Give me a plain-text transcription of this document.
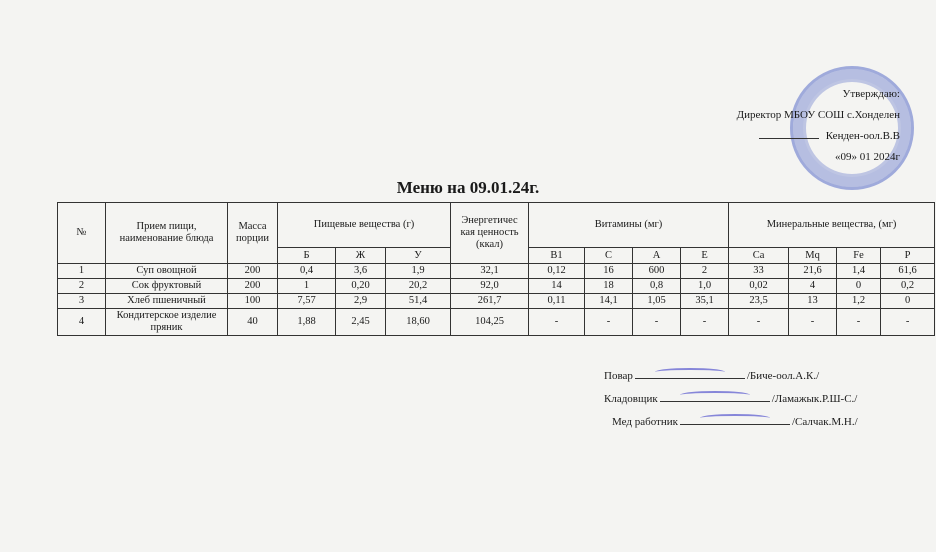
Утверждаю:
Директор МБОУ СОШ с.Хонделен
Кенден-оол.В.В
«09» 01 2024г
Меню на 09.01.24г.
№	Прием пищи, наименование блюда	Масса порции	Пищевые вещества (г)			Энергетичес кая ценность (ккал)	Витамины (мг)				Минеральные вещества, (мг)			
			Б	Ж	У		B1	C	A	E	Ca	Mq	Fe	P
1	Суп овощной	200	0,4	3,6	1,9	32,1	0,12	16	600	2	33	21,6	1,4	61,6
2	Сок фруктовый	200	1	0,20	20,2	92,0	14	18	0,8	1,0	0,02	4	0	0,2
3	Хлеб пшеничный	100	7,57	2,9	51,4	261,7	0,11	14,1	1,05	35,1	23,5	13	1,2	0
4	Кондитерское изделие пряник	40	1,88	2,45	18,60	104,25	-	-	-	-	-	-	-	-
Повар	/Биче-оол.А.К./
Кладовщик	/Ламажык.Р.Ш-С./
Мед работник	/Салчак.М.Н./
